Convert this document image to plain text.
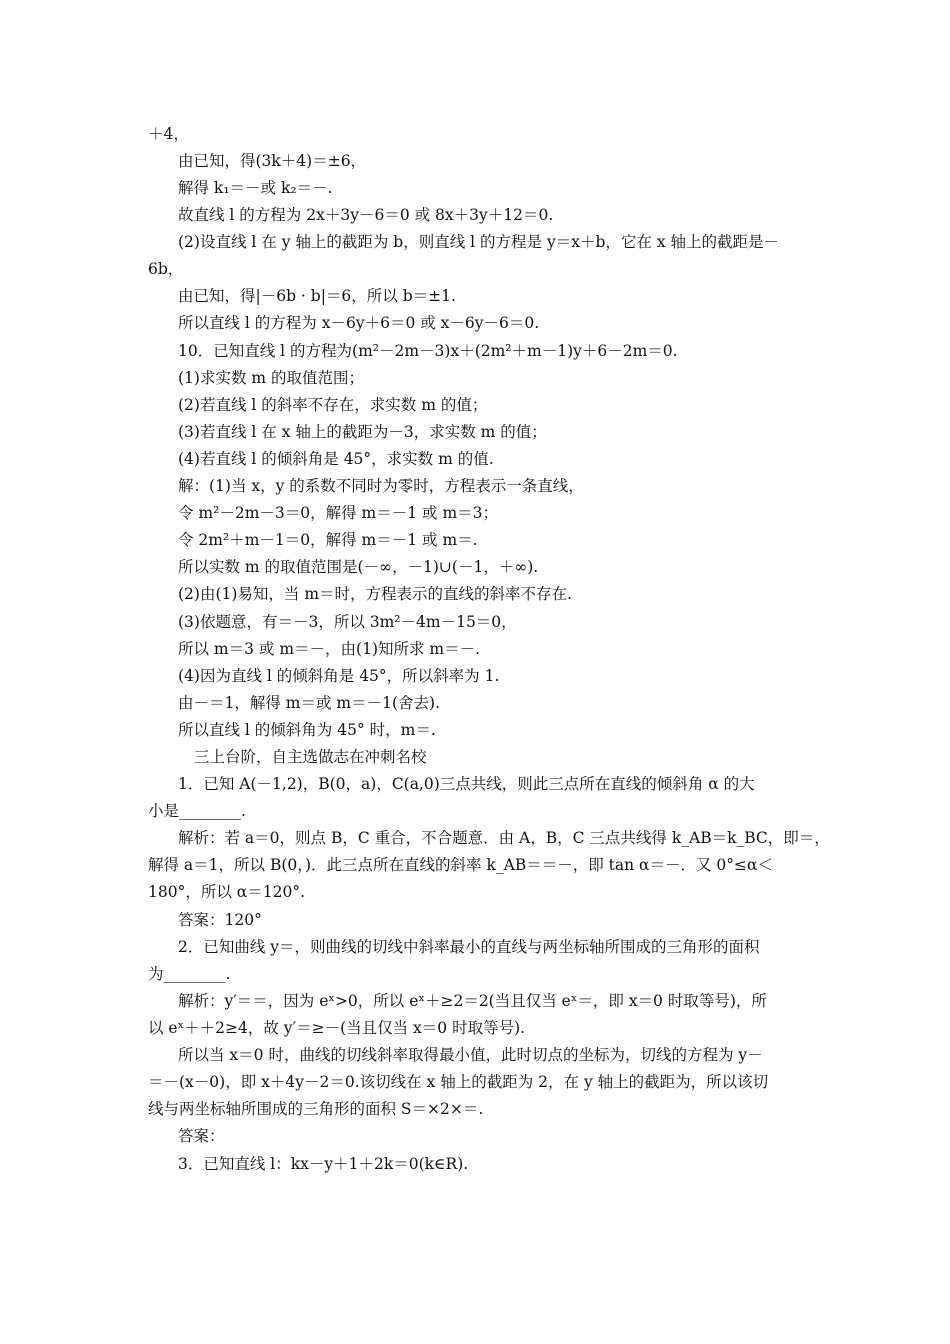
＋4，
由已知，得(3k＋4)＝±6，
解得 k₁＝－或 k₂＝－.
故直线 l 的方程为 2x＋3y－6＝0 或 8x＋3y＋12＝0.
(2)设直线 l 在 y 轴上的截距为 b，则直线 l 的方程是 y＝x＋b，它在 x 轴上的截距是－
6b，
由已知，得|－6b · b|＝6，所以 b＝±1.
所以直线 l 的方程为 x－6y＋6＝0 或 x－6y－6＝0.
10．已知直线 l 的方程为(m²－2m－3)x＋(2m²＋m－1)y＋6－2m＝0.
(1)求实数 m 的取值范围；
(2)若直线 l 的斜率不存在，求实数 m 的值；
(3)若直线 l 在 x 轴上的截距为－3，求实数 m 的值；
(4)若直线 l 的倾斜角是 45°，求实数 m 的值.
解：(1)当 x，y 的系数不同时为零时，方程表示一条直线，
令 m²－2m－3＝0，解得 m＝－1 或 m＝3；
令 2m²＋m－1＝0，解得 m＝－1 或 m＝.
所以实数 m 的取值范围是(－∞，－1)∪(－1，＋∞).
(2)由(1)易知，当 m＝时，方程表示的直线的斜率不存在.
(3)依题意，有＝－3，所以 3m²－4m－15＝0，
所以 m＝3 或 m＝－，由(1)知所求 m＝－.
(4)因为直线 l 的倾斜角是 45°，所以斜率为 1.
由－＝1，解得 m＝或 m＝－1(舍去).
所以直线 l 的倾斜角为 45° 时，m＝.
三上台阶，自主选做志在冲刺名校
1．已知 A(－1,2)，B(0，a)，C(a,0)三点共线，则此三点所在直线的倾斜角 α 的大
小是________.
解析：若 a＝0，则点 B，C 重合，不合题意．由 A，B，C 三点共线得 k_AB＝k_BC，即＝，
解得 a＝1，所以 B(0，)．此三点所在直线的斜率 k_AB＝＝－，即 tan α＝－．又 0°≤α＜
180°，所以 α＝120°.
答案：120°
2．已知曲线 y＝，则曲线的切线中斜率最小的直线与两坐标轴所围成的三角形的面积
为________.
解析：y′＝＝，因为 eˣ>0，所以 eˣ＋≥2＝2(当且仅当 eˣ＝，即 x＝0 时取等号)，所
以 eˣ＋＋2≥4，故 y′＝≥－(当且仅当 x＝0 时取等号).
所以当 x＝0 时，曲线的切线斜率取得最小值，此时切点的坐标为，切线的方程为 y－
＝－(x－0)，即 x＋4y－2＝0.该切线在 x 轴上的截距为 2，在 y 轴上的截距为，所以该切
线与两坐标轴所围成的三角形的面积 S＝×2×＝.
答案：
3．已知直线 l：kx－y＋1＋2k＝0(k∈R).
